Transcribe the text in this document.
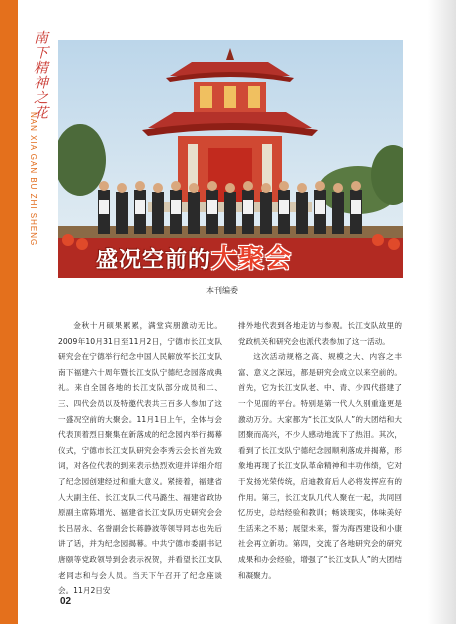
南下精神之花
NAN XIA GAN BU ZHI SHENG
盛况空前的大聚会
本刊编委

金秋十月硕果累累，满堂宾朋激动无比。2009年10月31日至11月2日，宁德市长江支队研究会在宁德举行纪念中国人民解放军长江支队南下福建六十周年暨长江支队宁德纪念园落成典礼。来自全国各地的长江支队部分成员和二、三、四代会员以及特邀代表共三百多人参加了这一盛况空前的大聚会。11月1日上午，全体与会代表顶着烈日聚集在新落成的纪念园内举行揭幕仪式，宁德市长江支队研究会李秀云会长首先致词，对各位代表的到来表示热烈欢迎并详细介绍了纪念园创建经过和重大意义。紧接着，福建省人大副主任、长江支队二代马潞生、福建省政协原副主席陈增光、福建省长江支队历史研究会会长吕居永、名誉副会长蒋静波等领导同志也先后讲了话，并为纪念园揭幕。中共宁德市委副书记唐颐等党政领导到会表示祝贺，并看望长江支队老同志和与会人员。当天下午召开了纪念座谈会。11月2日安

排外地代表到各地走访与参观。长江支队故里的党政机关和研究会也派代表参加了这一活动。

这次活动规格之高、规模之大、内容之丰富、意义之深远，都是研究会成立以来空前的。首先，它为长江支队老、中、青、少四代搭建了一个见面的平台。特别是第一代人久别重逢更是激动万分。大家都为“长江支队人”的大团结和大团聚而高兴，不少人感动地流下了热泪。其次，看到了长江支队宁德纪念园顺利落成并揭幕，形象地再现了长江支队革命精神和丰功伟绩，它对于发扬光荣传统，启迪教育后人必将发挥应有的作用。第三，长江支队几代人聚在一起，共同回忆历史，总结经验和教训；畅谈现实，体味美好生活来之不易；展望未来，誓为海西建设和小康社会再立新功。第四，交流了各地研究会的研究成果和办会经验，增强了“长江支队人”的大团结和凝聚力。

02
